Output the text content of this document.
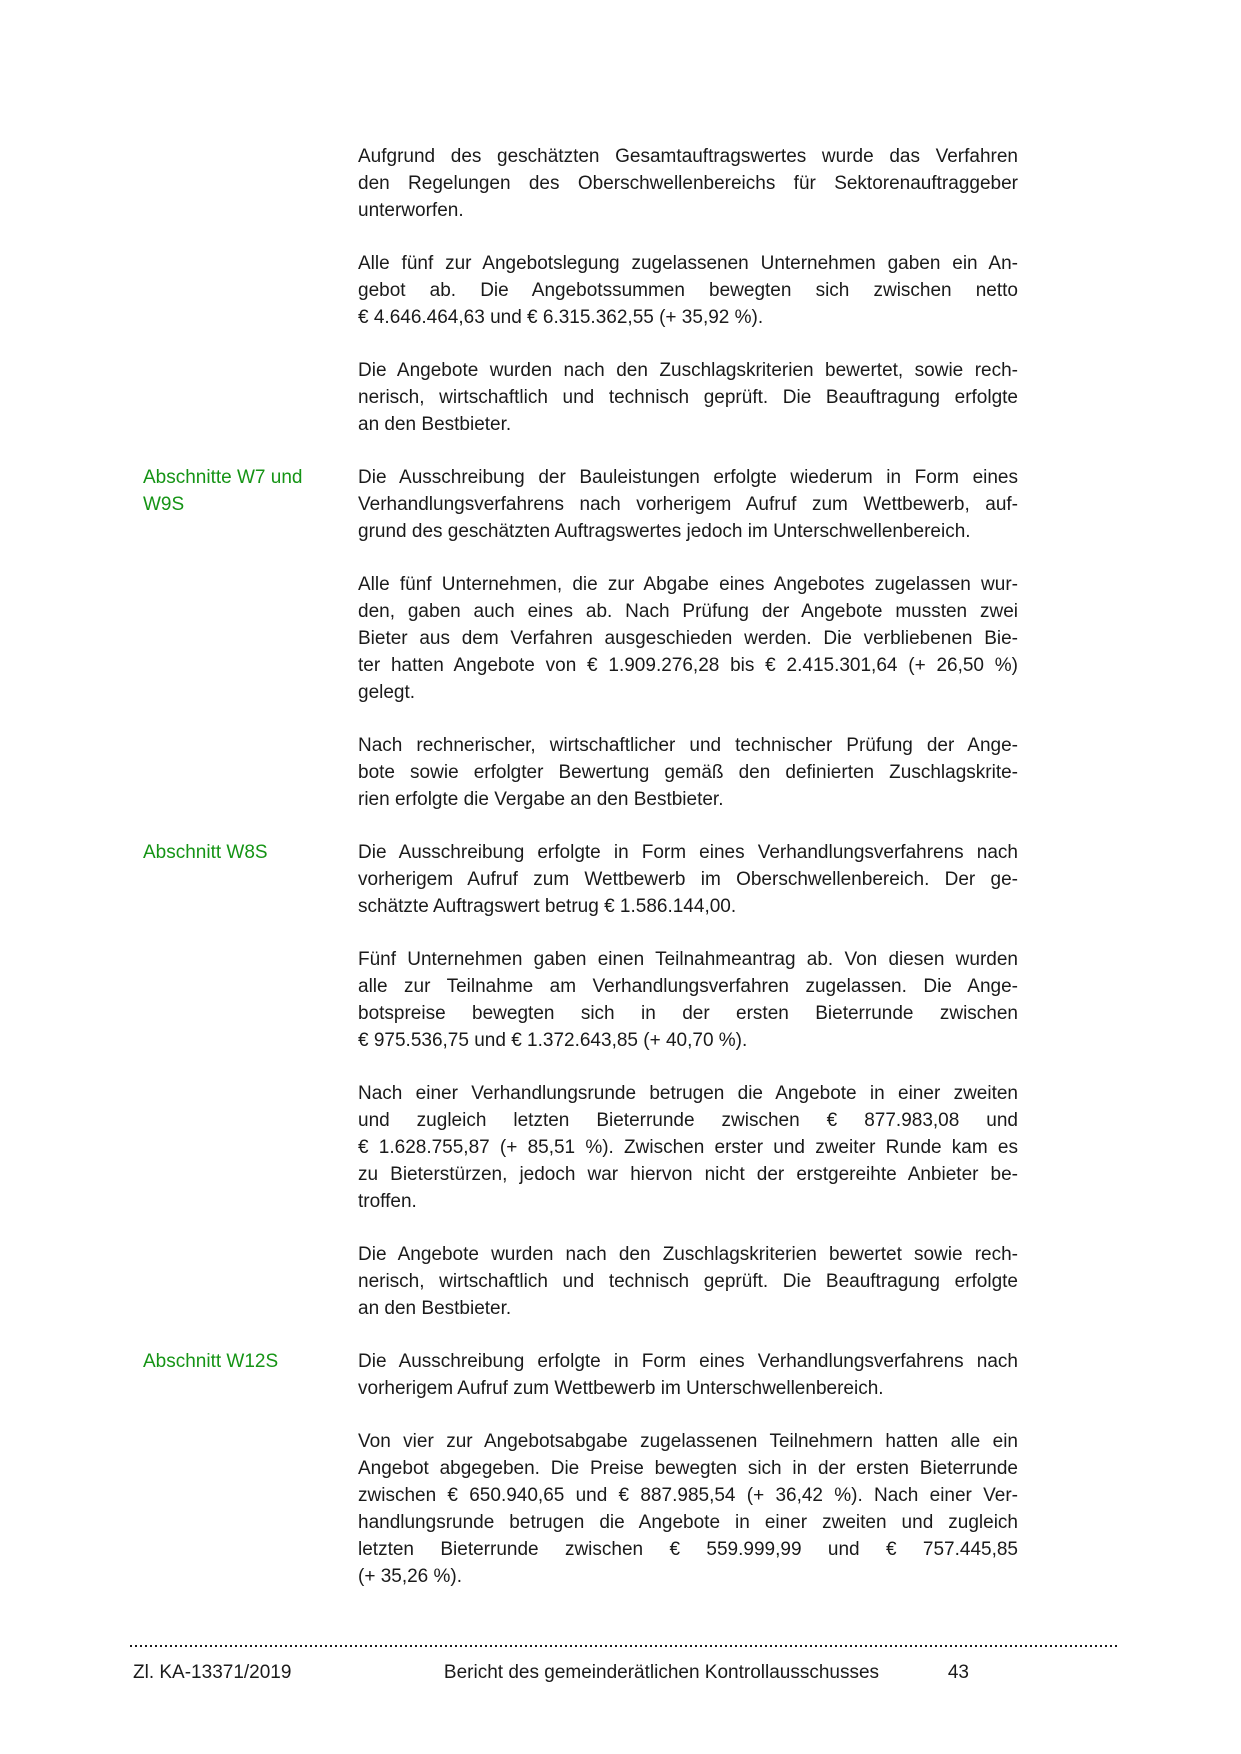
Aufgrund des geschätzten Gesamtauftragswertes wurde das Verfahren
den Regelungen des Oberschwellenbereichs für Sektorenauftraggeber
unterworfen.
Alle fünf zur Angebotslegung zugelassenen Unternehmen gaben ein An-
gebot ab. Die Angebotssummen bewegten sich zwischen netto
€ 4.646.464,63 und € 6.315.362,55 (+ 35,92 %).
Die Angebote wurden nach den Zuschlagskriterien bewertet, sowie rech-
nerisch, wirtschaftlich und technisch geprüft. Die Beauftragung erfolgte
an den Bestbieter.
Abschnitte W7 und W9S
Die Ausschreibung der Bauleistungen erfolgte wiederum in Form eines
Verhandlungsverfahrens nach vorherigem Aufruf zum Wettbewerb, auf-
grund des geschätzten Auftragswertes jedoch im Unterschwellenbereich.
Alle fünf Unternehmen, die zur Abgabe eines Angebotes zugelassen wur-
den, gaben auch eines ab. Nach Prüfung der Angebote mussten zwei
Bieter aus dem Verfahren ausgeschieden werden. Die verbliebenen Bie-
ter hatten Angebote von € 1.909.276,28 bis € 2.415.301,64 (+ 26,50 %)
gelegt.
Nach rechnerischer, wirtschaftlicher und technischer Prüfung der Ange-
bote sowie erfolgter Bewertung gemäß den definierten Zuschlagskrite-
rien erfolgte die Vergabe an den Bestbieter.
Abschnitt W8S	Die Ausschreibung erfolgte in Form eines Verhandlungsverfahrens nach
vorherigem Aufruf zum Wettbewerb im Oberschwellenbereich. Der ge-
schätzte Auftragswert betrug € 1.586.144,00.
Fünf Unternehmen gaben einen Teilnahmeantrag ab. Von diesen wurden
alle zur Teilnahme am Verhandlungsverfahren zugelassen. Die Ange-
botspreise bewegten sich in der ersten Bieterrunde zwischen
€ 975.536,75 und € 1.372.643,85 (+ 40,70 %).
Nach einer Verhandlungsrunde betrugen die Angebote in einer zweiten
und zugleich letzten Bieterrunde zwischen € 877.983,08 und
€ 1.628.755,87 (+ 85,51 %). Zwischen erster und zweiter Runde kam es
zu Bieterstürzen, jedoch war hiervon nicht der erstgereihte Anbieter be-
troffen.
Die Angebote wurden nach den Zuschlagskriterien bewertet sowie rech-
nerisch, wirtschaftlich und technisch geprüft. Die Beauftragung erfolgte
an den Bestbieter.
Abschnitt W12S	Die Ausschreibung erfolgte in Form eines Verhandlungsverfahrens nach
vorherigem Aufruf zum Wettbewerb im Unterschwellenbereich.
Von vier zur Angebotsabgabe zugelassenen Teilnehmern hatten alle ein
Angebot abgegeben. Die Preise bewegten sich in der ersten Bieterrunde
zwischen € 650.940,65 und € 887.985,54 (+ 36,42 %). Nach einer Ver-
handlungsrunde betrugen die Angebote in einer zweiten und zugleich
letzten Bieterrunde zwischen € 559.999,99 und € 757.445,85
(+ 35,26 %).
Zl. KA-13371/2019	Bericht des gemeinderätlichen Kontrollausschusses	43
